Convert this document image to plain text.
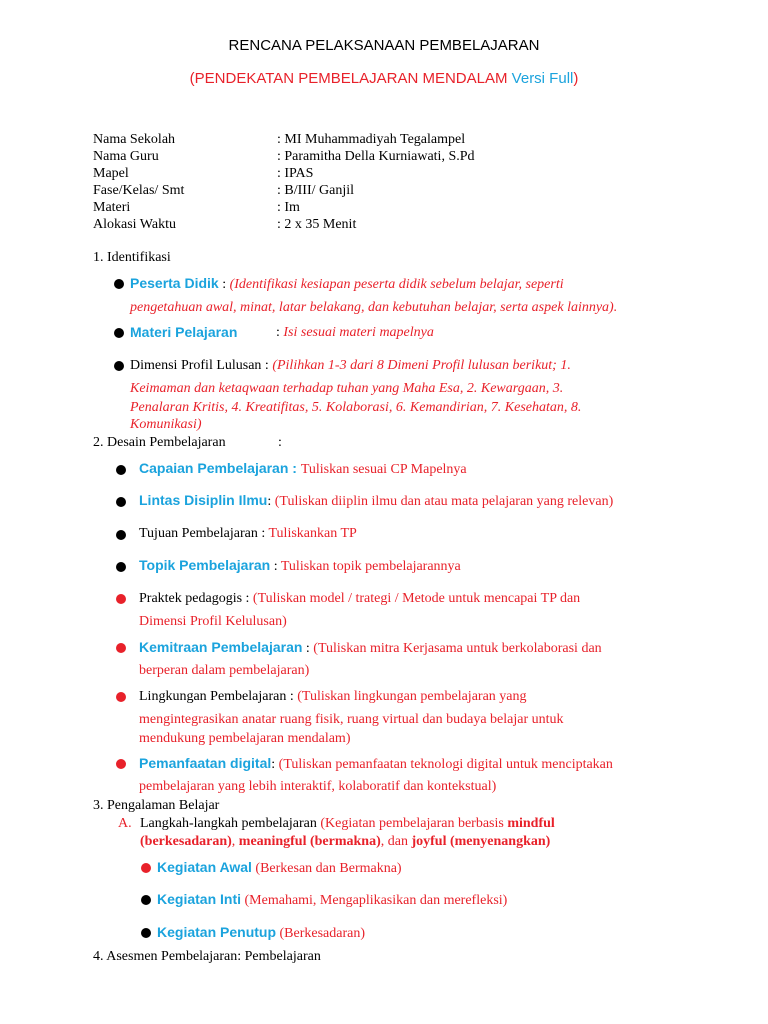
RENCANA PELAKSANAAN PEMBELAJARAN
(PENDEKATAN PEMBELAJARAN MENDALAM Versi Full)
Nama Sekolah	: MI Muhammadiyah Tegalampel
Nama Guru	: Paramitha Della Kurniawati, S.Pd
Mapel	: IPAS
Fase/Kelas/ Smt	: B/III/ Ganjil
Materi	: Im
Alokasi Waktu	: 2 x 35 Menit
1. Identifikasi
Peserta Didik : (Identifikasi kesiapan peserta didik sebelum belajar, seperti
pengetahuan awal, minat, latar belakang, dan kebutuhan belajar, serta aspek lainnya).
Materi Pelajaran	: Isi sesuai materi mapelnya
Dimensi Profil Lulusan : (Pilihkan 1-3 dari 8 Dimeni Profil lulusan berikut; 1.
Keimaman dan ketaqwaan terhadap tuhan yang Maha Esa, 2. Kewargaan, 3.
Penalaran Kritis, 4. Kreatifitas, 5. Kolaborasi, 6. Kemandirian, 7. Kesehatan, 8.
Komunikasi)
2. Desain Pembelajaran	:
Capaian Pembelajaran : Tuliskan sesuai CP Mapelnya
Lintas Disiplin Ilmu: (Tuliskan diiplin ilmu dan atau mata pelajaran yang relevan)
Tujuan Pembelajaran : Tuliskankan TP
Topik Pembelajaran : Tuliskan topik pembelajarannya
Praktek pedagogis : (Tuliskan model / trategi / Metode untuk mencapai TP dan
Dimensi Profil Kelulusan)
Kemitraan Pembelajaran : (Tuliskan mitra Kerjasama untuk berkolaborasi dan
berperan dalam pembelajaran)
Lingkungan Pembelajaran : (Tuliskan lingkungan pembelajaran yang
mengintegrasikan anatar ruang fisik, ruang virtual dan budaya belajar untuk
mendukung pembelajaran mendalam)
Pemanfaatan digital: (Tuliskan pemanfaatan teknologi digital untuk menciptakan
pembelajaran yang lebih interaktif, kolaboratif dan kontekstual)
3. Pengalaman Belajar
A. Langkah-langkah pembelajaran (Kegiatan pembelajaran berbasis mindful
(berkesadaran), meaningful (bermakna), dan joyful (menyenangkan)
Kegiatan Awal (Berkesan dan Bermakna)
Kegiatan Inti (Memahami, Mengaplikasikan dan merefleksi)
Kegiatan Penutup (Berkesadaran)
4. Asesmen Pembelajaran: Pembelajaran
